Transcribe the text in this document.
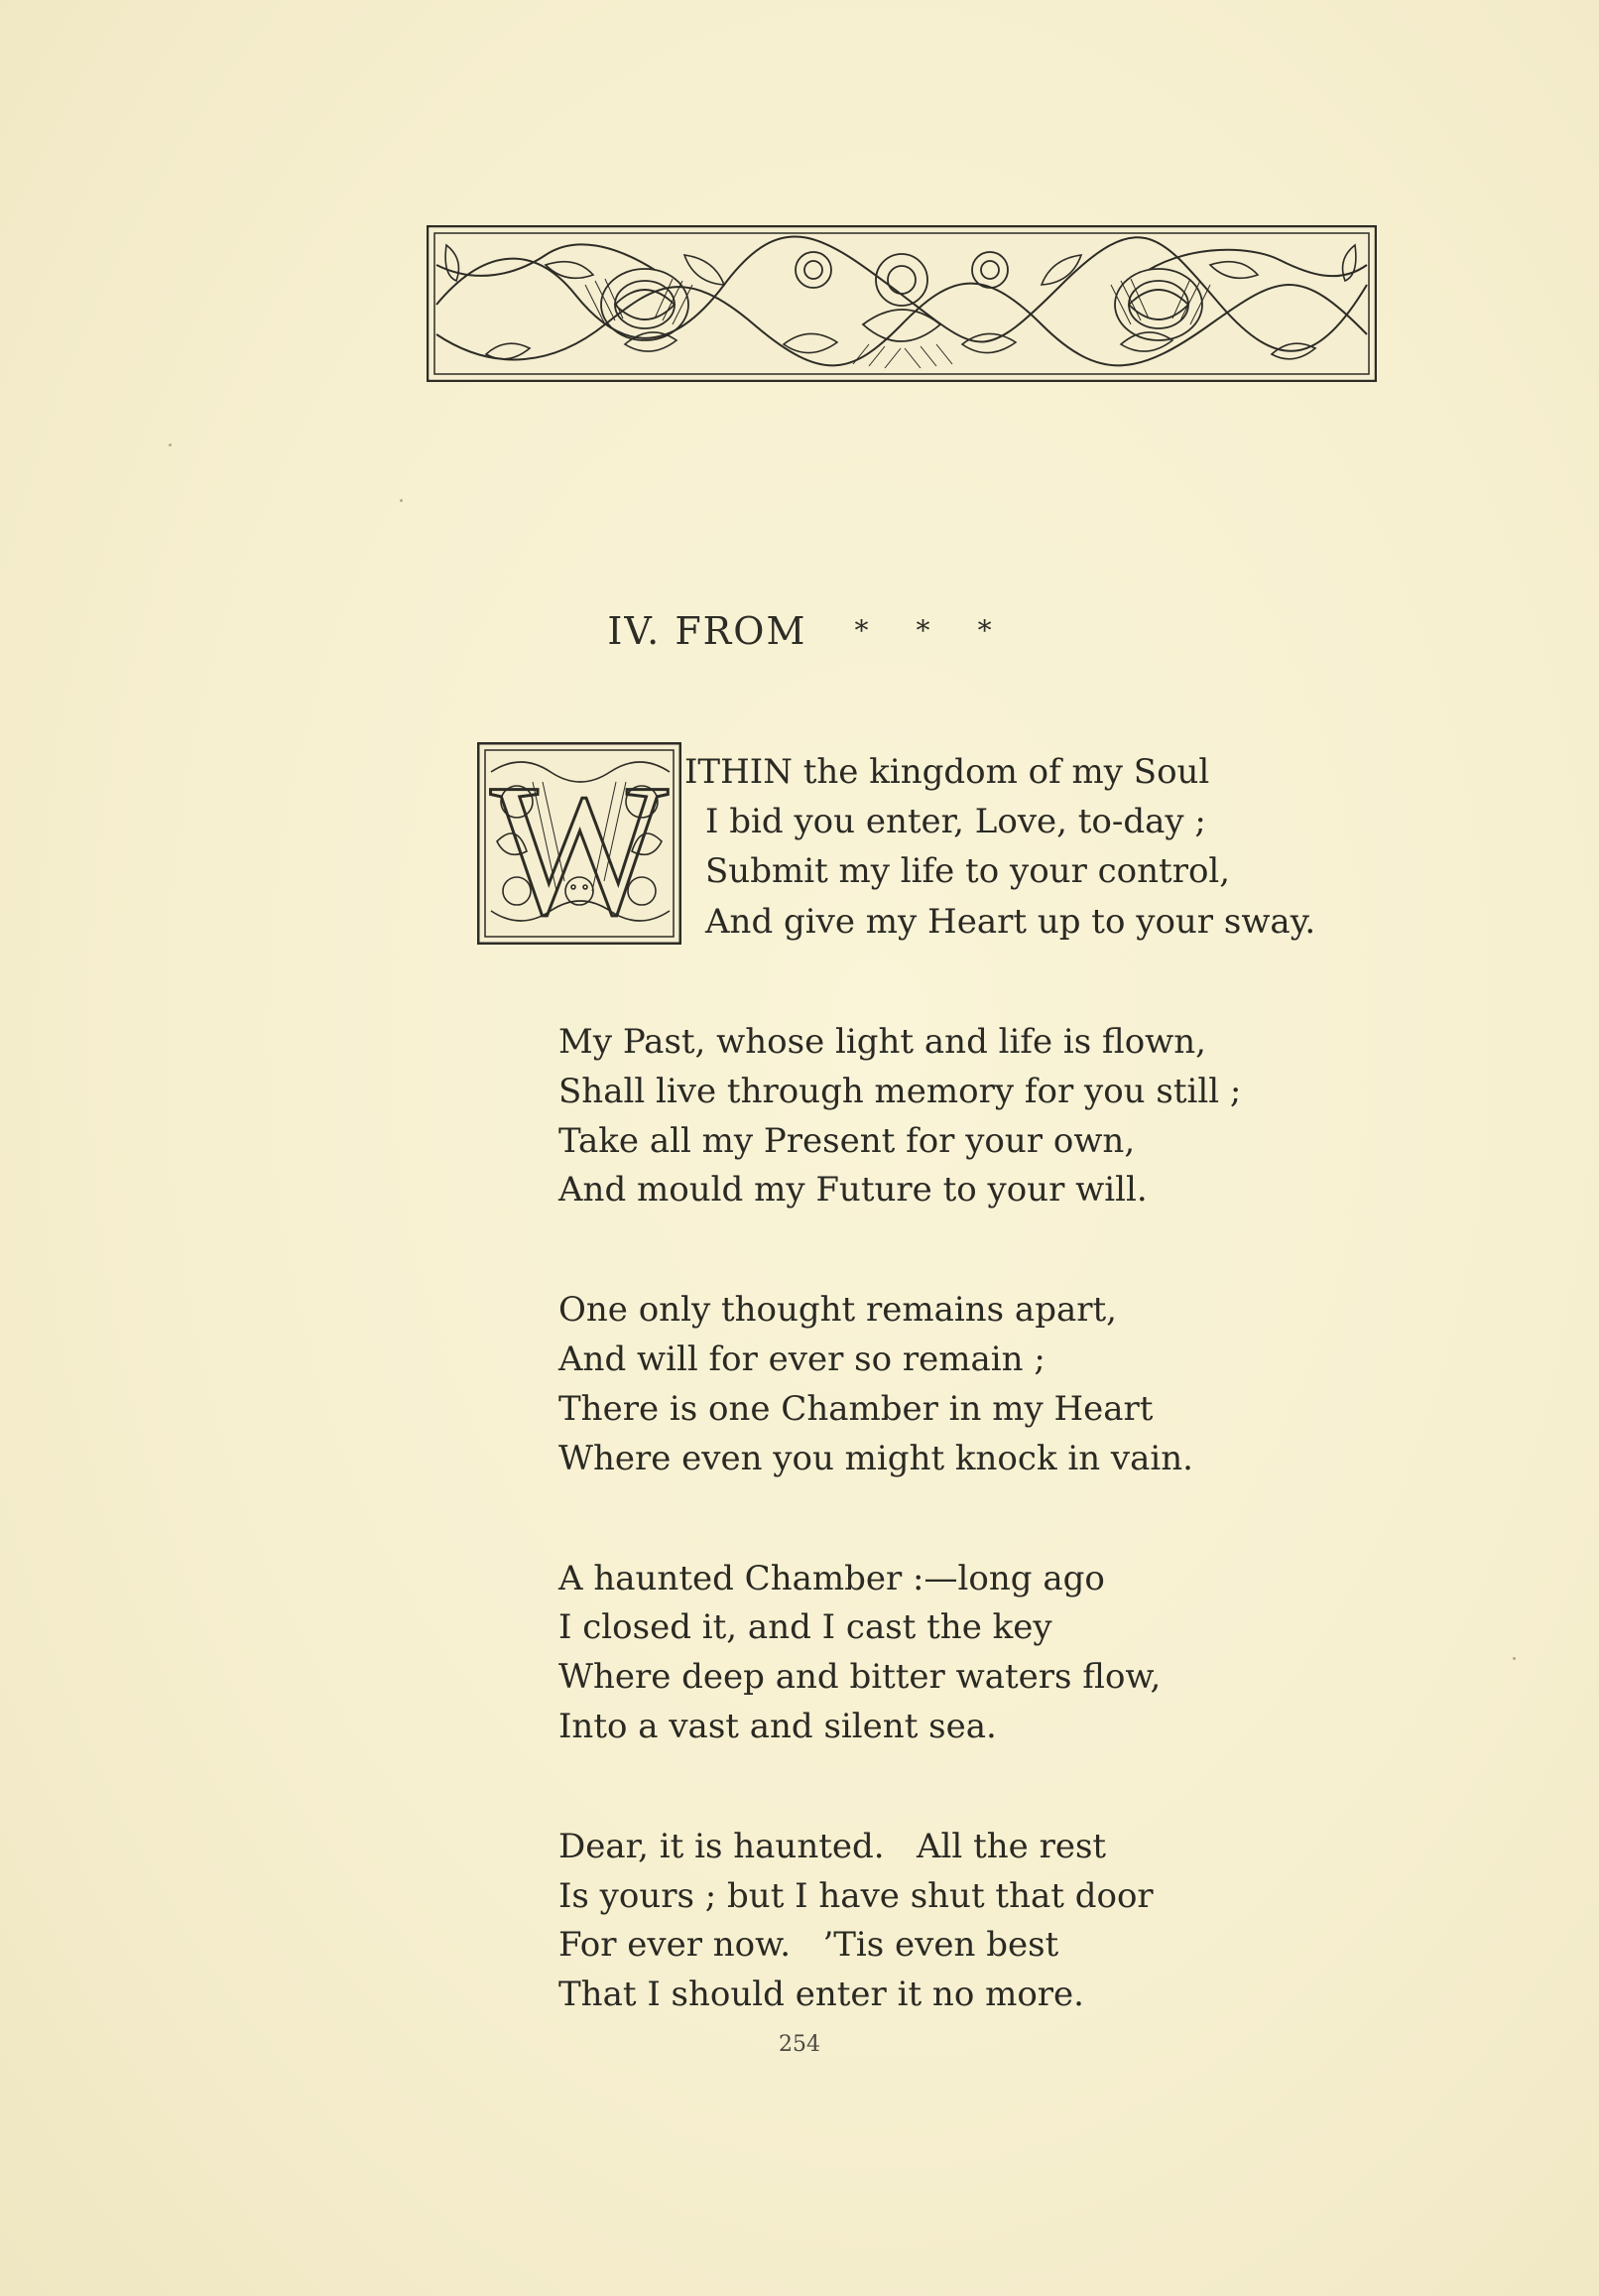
IV. FROM * * *
W ITHIN the kingdom of my Soul
I bid you enter, Love, to-day ;
Submit my life to your control,
And give my Heart up to your sway.
My Past, whose light and life is flown,
Shall live through memory for you still ;
Take all my Present for your own,
And mould my Future to your will.
One only thought remains apart,
And will for ever so remain ;
There is one Chamber in my Heart
Where even you might knock in vain.
A haunted Chamber :—long ago
I closed it, and I cast the key
Where deep and bitter waters flow,
Into a vast and silent sea.
Dear, it is haunted.   All the rest
Is yours ; but I have shut that door
For ever now.   ’Tis even best
That I should enter it no more.
254
